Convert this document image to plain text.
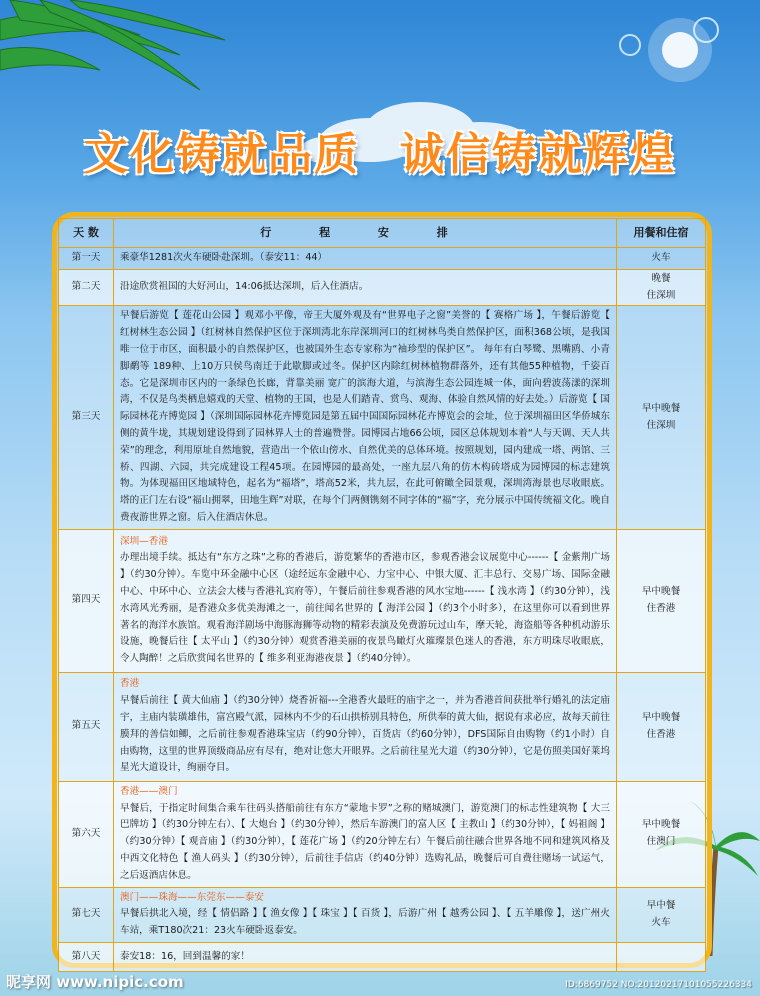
文化铸就品质 诚信铸就辉煌
天 数	行 程 安 排	用餐和住宿
第一天	乘豪华1281次火车硬卧赴深圳。（泰安11：44）	火车
第二天	沿途欣赏祖国的大好河山，14:06抵达深圳，后入住酒店。	晚餐
住深圳
第三天	早餐后游览【 莲花山公园 】观邓小平像，帝王大厦外观及有“世界电子之窗”美誉的【 赛格广场 】，午餐后游览【 红树林生态公园 】（红树林自然保护区位于深圳湾北东岸深圳河口的红树林鸟类自然保护区，面积368公顷，是我国唯一位于市区，面积最小的自然保护区，也被国外生态专家称为“袖珍型的保护区”。 每年有白琴鹭、黑嘴鸥、小青脚鹬等 189种、上10万只侯鸟南迁于此歇脚或过冬。保护区内除红树林植物群落外，还有其他55种植物，千姿百态。它是深圳市区内的一条绿色长廊，背靠美丽 宽广的滨海大道，与滨海生态公园连城一体，面向碧波荡漾的深圳湾，不仅是鸟类栖息嬉戏的天堂、植物的王国，也是人们踏青、赏鸟、观海、体验自然风情的好去处。）后游览【 国际园林花卉博览园 】（深圳国际园林花卉博览园是第五届中国国际园林花卉博览会的会址，位于深圳福田区华侨城东侧的黄牛垅，其规划建设得到了园林界人士的普遍赞誉。园博园占地66公顷，园区总体规划本着“人与天调、天人共荣”的理念，利用原址自然地貌，营造出一个依山傍水、自然优美的总体环境。按照规划，园内建成一塔、两馆、三桥、四湖、六园，共完成建设工程45项。在园博园的最高处，一座九层八角的仿木构砖塔成为园博园的标志建筑物。为体现福田区地域特色，起名为“福塔”，塔高52米，共九层，在此可俯瞰全园景观，深圳湾海景也尽收眼底。塔的正门左右设“福山拥翠，田地生辉”对联，在每个门两侧镌刻不同字体的“福”字，充分展示中国传统福文化。晚自费夜游世界之窗。后入住酒店休息。	早中晚餐
住深圳
第四天	深圳—香港
办理出境手续。抵达有“东方之珠”之称的香港后，游览繁华的香港市区，参观香港会议展览中心------【 金紫荆广场 】（约30分钟）。车览中环金融中心区（途经远东金融中心、力宝中心、中银大厦、汇丰总行、交易广场、国际金融中心、中环中心、立法会大楼与香港礼宾府等），午餐后前往参观香港的风水宝地------【 浅水湾 】（约30分钟），浅水湾风光秀丽，是香港众多优美海滩之一，前往闻名世界的【 海洋公园 】（约3个小时多），在这里你可以看到世界著名的海洋水族馆。观看海洋剧场中海豚海狮等动物的精彩表演及免费游玩过山车，摩天轮，海盗船等各种机动游乐设施，晚餐后往【 太平山 】（约30分钟）观赏香港美丽的夜景鸟瞰灯火璀璨景色迷人的香港，东方明珠尽收眼底，令人陶醉！之后欣赏闻名世界的【 维多利亚海港夜景 】（约40分钟）。	早中晚餐
住香港
第五天	香港
早餐后前往【 黄大仙庙 】（约30分钟）烧香祈福---全港香火最旺的庙宇之一，并为香港首间获批举行婚礼的法定庙宇，主庙内装璜雄伟，富宫殿气派，园林内不少的石山拱桥别具特色，所供奉的黄大仙，据说有求必应，故每天前往膜拜的善信如鲫，之后前往参观香港珠宝店（约90分钟），百货店（约60分钟），DFS国际自由购物（约1小时）自由购物，这里的世界顶级商品应有尽有，绝对让您大开眼界。之后前往星光大道（约30分钟），它是仿照美国好莱坞星光大道设计，绚丽夺目。	早中晚餐
住香港
第六天	香港——澳门
早餐后，于指定时间集合乘车往码头搭船前往有东方“蒙地卡罗”之称的赌城澳门，游览澳门的标志性建筑物【 大三巴牌坊 】（约30分钟左右）、【 大炮台 】（约30分钟），然后车游澳门的富人区【 主教山 】（约30分钟），【 妈祖阁 】（约30分钟）【 观音庙 】（约30分钟），【 莲花广场 】（约20分钟左右）午餐后前往融合世界各地不同和建筑风格及中西文化特色【 渔人码头 】（约30分钟），后前往手信店（约40分钟）选购礼品，晚餐后可自费往赌场一试运气，之后返酒店休息。	早中晚餐
住澳门
第七天	澳门——珠海——东莞东——泰安
早餐后拱北入境，经【 情侣路 】【 渔女像 】【 珠宝 】【 百货 】，后游广州【 越秀公园 】、【 五羊雕像 】，送广州火车站，乘T180次21：23火车硬卧返泰安。	早中餐
火车
第八天	泰安18：16，回到温馨的家！	
昵享网 www.nipic.com	ID:6869752 NO:20120217101055226334
